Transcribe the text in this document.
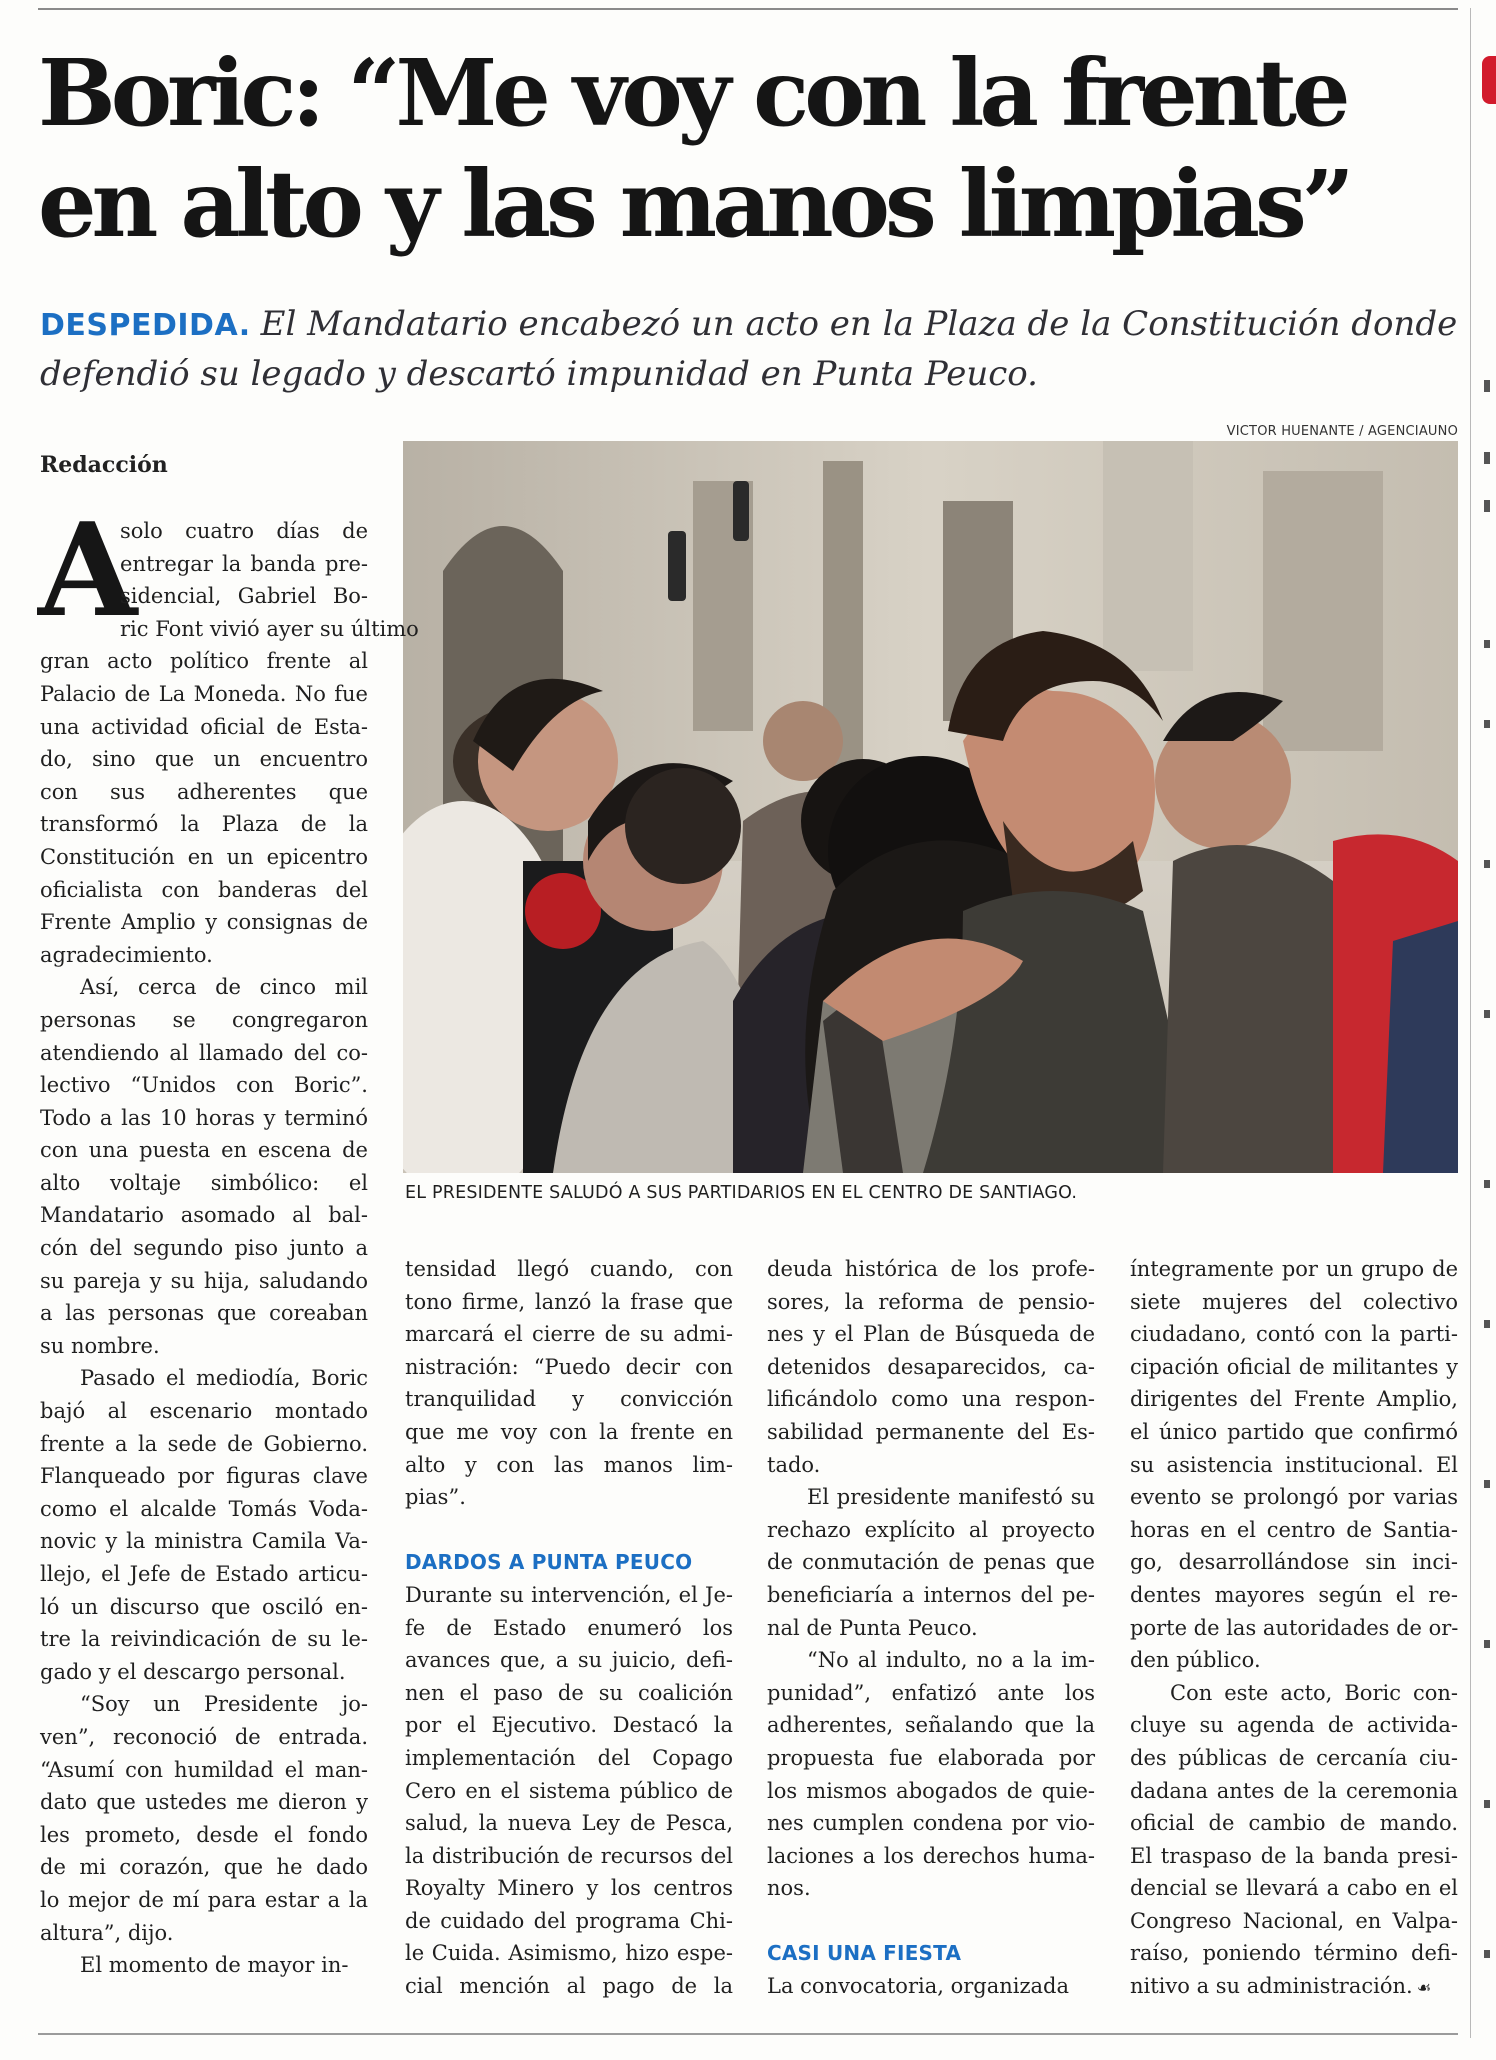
Boric: “Me voy con la frente
en alto y las manos limpias”

DESPEDIDA. El Mandatario encabezó un acto en la Plaza de la Constitución donde defendió su legado y descartó impunidad en Punta Peuco.

Redacción

VICTOR HUENANTE / AGENCIAUNO
EL PRESIDENTE SALUDÓ A SUS PARTIDARIOS EN EL CENTRO DE SANTIAGO.
A
solo cuatro días de
entregar la banda pre-
sidencial, Gabriel Bo-
ric Font vivió ayer su último
gran acto político frente al
Palacio de La Moneda. No fue
una actividad oficial de Esta-
do, sino que un encuentro
con sus adherentes que
transformó la Plaza de la
Constitución en un epicentro
oficialista con banderas del
Frente Amplio y consignas de
agradecimiento.
Así, cerca de cinco mil
personas se congregaron
atendiendo al llamado del co-
lectivo “Unidos con Boric”.
Todo a las 10 horas y terminó
con una puesta en escena de
alto voltaje simbólico: el
Mandatario asomado al bal-
cón del segundo piso junto a
su pareja y su hija, saludando
a las personas que coreaban
su nombre.
Pasado el mediodía, Boric
bajó al escenario montado
frente a la sede de Gobierno.
Flanqueado por figuras clave
como el alcalde Tomás Voda-
novic y la ministra Camila Va-
llejo, el Jefe de Estado articu-
ló un discurso que osciló en-
tre la reivindicación de su le-
gado y el descargo personal.
“Soy un Presidente jo-
ven”, reconoció de entrada.
“Asumí con humildad el man-
dato que ustedes me dieron y
les prometo, desde el fondo
de mi corazón, que he dado
lo mejor de mí para estar a la
altura”, dijo.
El momento de mayor in-
tensidad llegó cuando, con
tono firme, lanzó la frase que
marcará el cierre de su admi-
nistración: “Puedo decir con
tranquilidad y convicción
que me voy con la frente en
alto y con las manos lim-
pias”.
DARDOS A PUNTA PEUCO
Durante su intervención, el Je-
fe de Estado enumeró los
avances que, a su juicio, defi-
nen el paso de su coalición
por el Ejecutivo. Destacó la
implementación del Copago
Cero en el sistema público de
salud, la nueva Ley de Pesca,
la distribución de recursos del
Royalty Minero y los centros
de cuidado del programa Chi-
le Cuida. Asimismo, hizo espe-
cial mención al pago de la
deuda histórica de los profe-
sores, la reforma de pensio-
nes y el Plan de Búsqueda de
detenidos desaparecidos, ca-
lificándolo como una respon-
sabilidad permanente del Es-
tado.
El presidente manifestó su
rechazo explícito al proyecto
de conmutación de penas que
beneficiaría a internos del pe-
nal de Punta Peuco.
“No al indulto, no a la im-
punidad”, enfatizó ante los
adherentes, señalando que la
propuesta fue elaborada por
los mismos abogados de quie-
nes cumplen condena por vio-
laciones a los derechos huma-
nos.
CASI UNA FIESTA
La convocatoria, organizada
íntegramente por un grupo de
siete mujeres del colectivo
ciudadano, contó con la parti-
cipación oficial de militantes y
dirigentes del Frente Amplio,
el único partido que confirmó
su asistencia institucional. El
evento se prolongó por varias
horas en el centro de Santia-
go, desarrollándose sin inci-
dentes mayores según el re-
porte de las autoridades de or-
den público.
Con este acto, Boric con-
cluye su agenda de activida-
des públicas de cercanía ciu-
dadana antes de la ceremonia
oficial de cambio de mando.
El traspaso de la banda presi-
dencial se llevará a cabo en el
Congreso Nacional, en Valpa-
raíso, poniendo término defi-
nitivo a su administración. ☙
